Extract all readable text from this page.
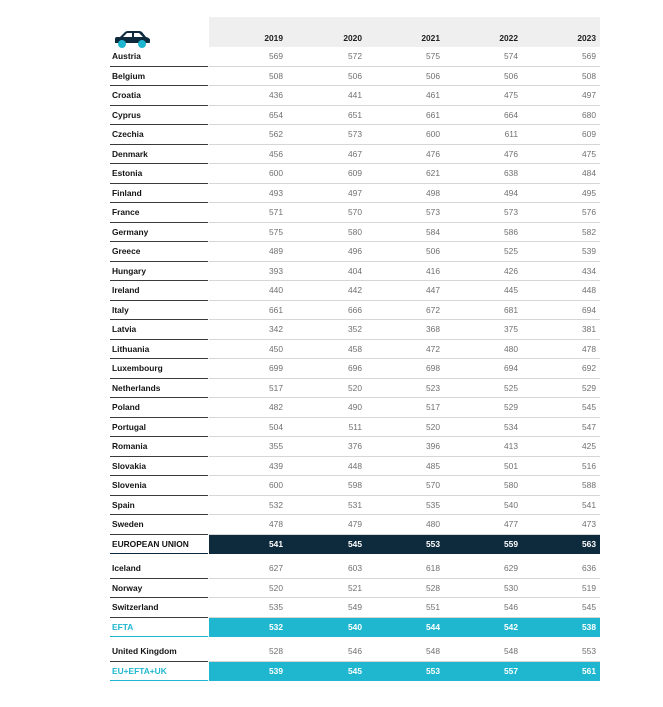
2019	2020	2021	2022	2023
Austria	569	572	575	574	569
Belgium	508	506	506	506	508
Croatia	436	441	461	475	497
Cyprus	654	651	661	664	680
Czechia	562	573	600	611	609
Denmark	456	467	476	476	475
Estonia	600	609	621	638	484
Finland	493	497	498	494	495
France	571	570	573	573	576
Germany	575	580	584	586	582
Greece	489	496	506	525	539
Hungary	393	404	416	426	434
Ireland	440	442	447	445	448
Italy	661	666	672	681	694
Latvia	342	352	368	375	381
Lithuania	450	458	472	480	478
Luxembourg	699	696	698	694	692
Netherlands	517	520	523	525	529
Poland	482	490	517	529	545
Portugal	504	511	520	534	547
Romania	355	376	396	413	425
Slovakia	439	448	485	501	516
Slovenia	600	598	570	580	588
Spain	532	531	535	540	541
Sweden	478	479	480	477	473
EUROPEAN UNION	541	545	553	559	563
Iceland	627	603	618	629	636
Norway	520	521	528	530	519
Switzerland	535	549	551	546	545
EFTA	532	540	544	542	538
United Kingdom	528	546	548	548	553
EU+EFTA+UK	539	545	553	557	561
